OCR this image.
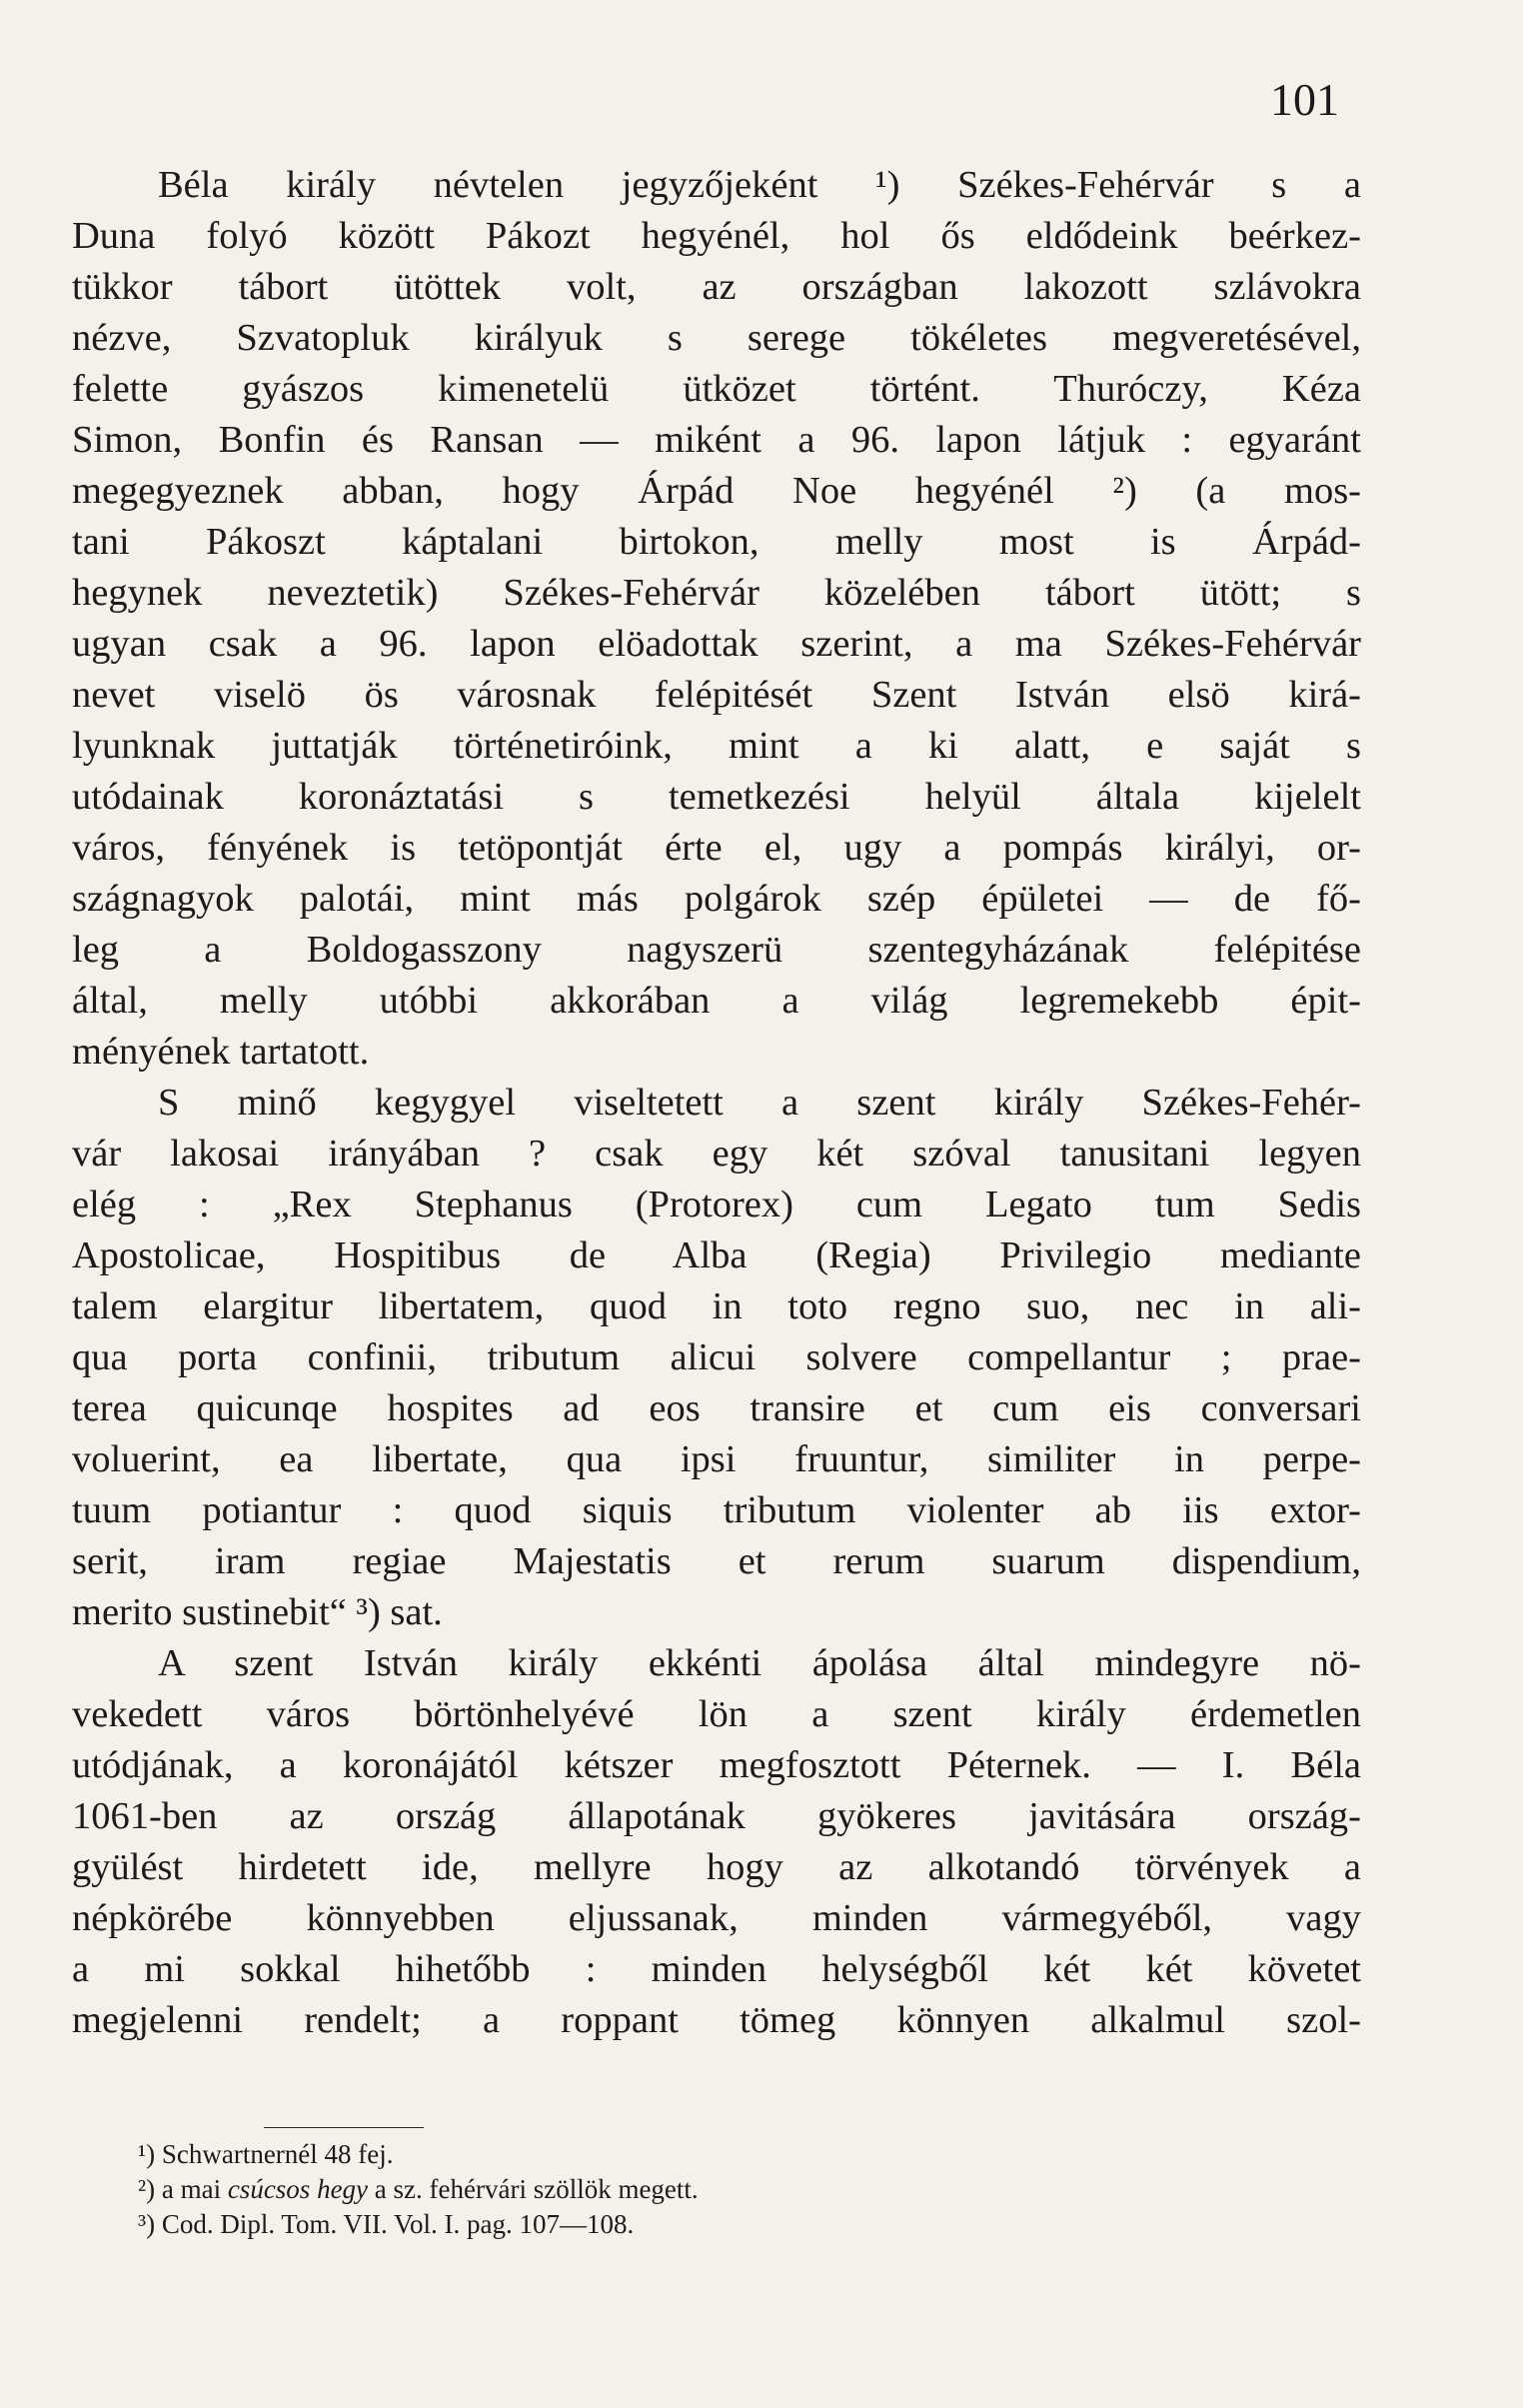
101
Béla király névtelen jegyzőjeként ¹) Székes-Fehérvár s a
Duna folyó között Pákozt hegyénél, hol ős eldődeink beérkez-
tükkor tábort ütöttek volt, az országban lakozott szlávokra
nézve, Szvatopluk királyuk s serege tökéletes megveretésével,
felette gyászos kimenetelü ütközet történt. Thuróczy, Kéza
Simon, Bonfin és Ransan — miként a 96. lapon látjuk : egyaránt
megegyeznek abban, hogy Árpád Noe hegyénél ²) (a mos-
tani Pákoszt káptalani birtokon, melly most is Árpád-
hegynek neveztetik) Székes-Fehérvár közelében tábort ütött; s
ugyan csak a 96. lapon elöadottak szerint, a ma Székes-Fehérvár
nevet viselö ös városnak felépitését Szent István elsö kirá-
lyunknak juttatják történetiróink, mint a ki alatt, e saját s
utódainak koronáztatási s temetkezési helyül általa kijelelt
város, fényének is tetöpontját érte el, ugy a pompás királyi, or-
szágnagyok palotái, mint más polgárok szép épületei — de fő-
leg a Boldogasszony nagyszerü szentegyházának felépitése
által, melly utóbbi akkorában a világ legremekebb épit-
ményének tartatott.
S minő kegygyel viseltetett a szent király Székes-Fehér-
vár lakosai irányában ? csak egy két szóval tanusitani legyen
elég : „Rex Stephanus (Protorex) cum Legato tum Sedis
Apostolicae, Hospitibus de Alba (Regia) Privilegio mediante
talem elargitur libertatem, quod in toto regno suo, nec in ali-
qua porta confinii, tributum alicui solvere compellantur ; prae-
terea quicunqe hospites ad eos transire et cum eis conversari
voluerint, ea libertate, qua ipsi fruuntur, similiter in perpe-
tuum potiantur : quod siquis tributum violenter ab iis extor-
serit, iram regiae Majestatis et rerum suarum dispendium,
merito sustinebit“ ³) sat.
A szent István király ekkénti ápolása által mindegyre nö-
vekedett város börtönhelyévé lön a szent király érdemetlen
utódjának, a koronájától kétszer megfosztott Péternek. — I. Béla
1061-ben az ország állapotának gyökeres javitására ország-
gyülést hirdetett ide, mellyre hogy az alkotandó törvények a
népkörébe könnyebben eljussanak, minden vármegyéből, vagy
a mi sokkal hihetőbb : minden helységből két két követet
megjelenni rendelt; a roppant tömeg könnyen alkalmul szol-
¹) Schwartnernél 48 fej.
²) a mai csúcsos hegy a sz. fehérvári szöllök megett.
³) Cod. Dipl. Tom. VII. Vol. I. pag. 107—108.
